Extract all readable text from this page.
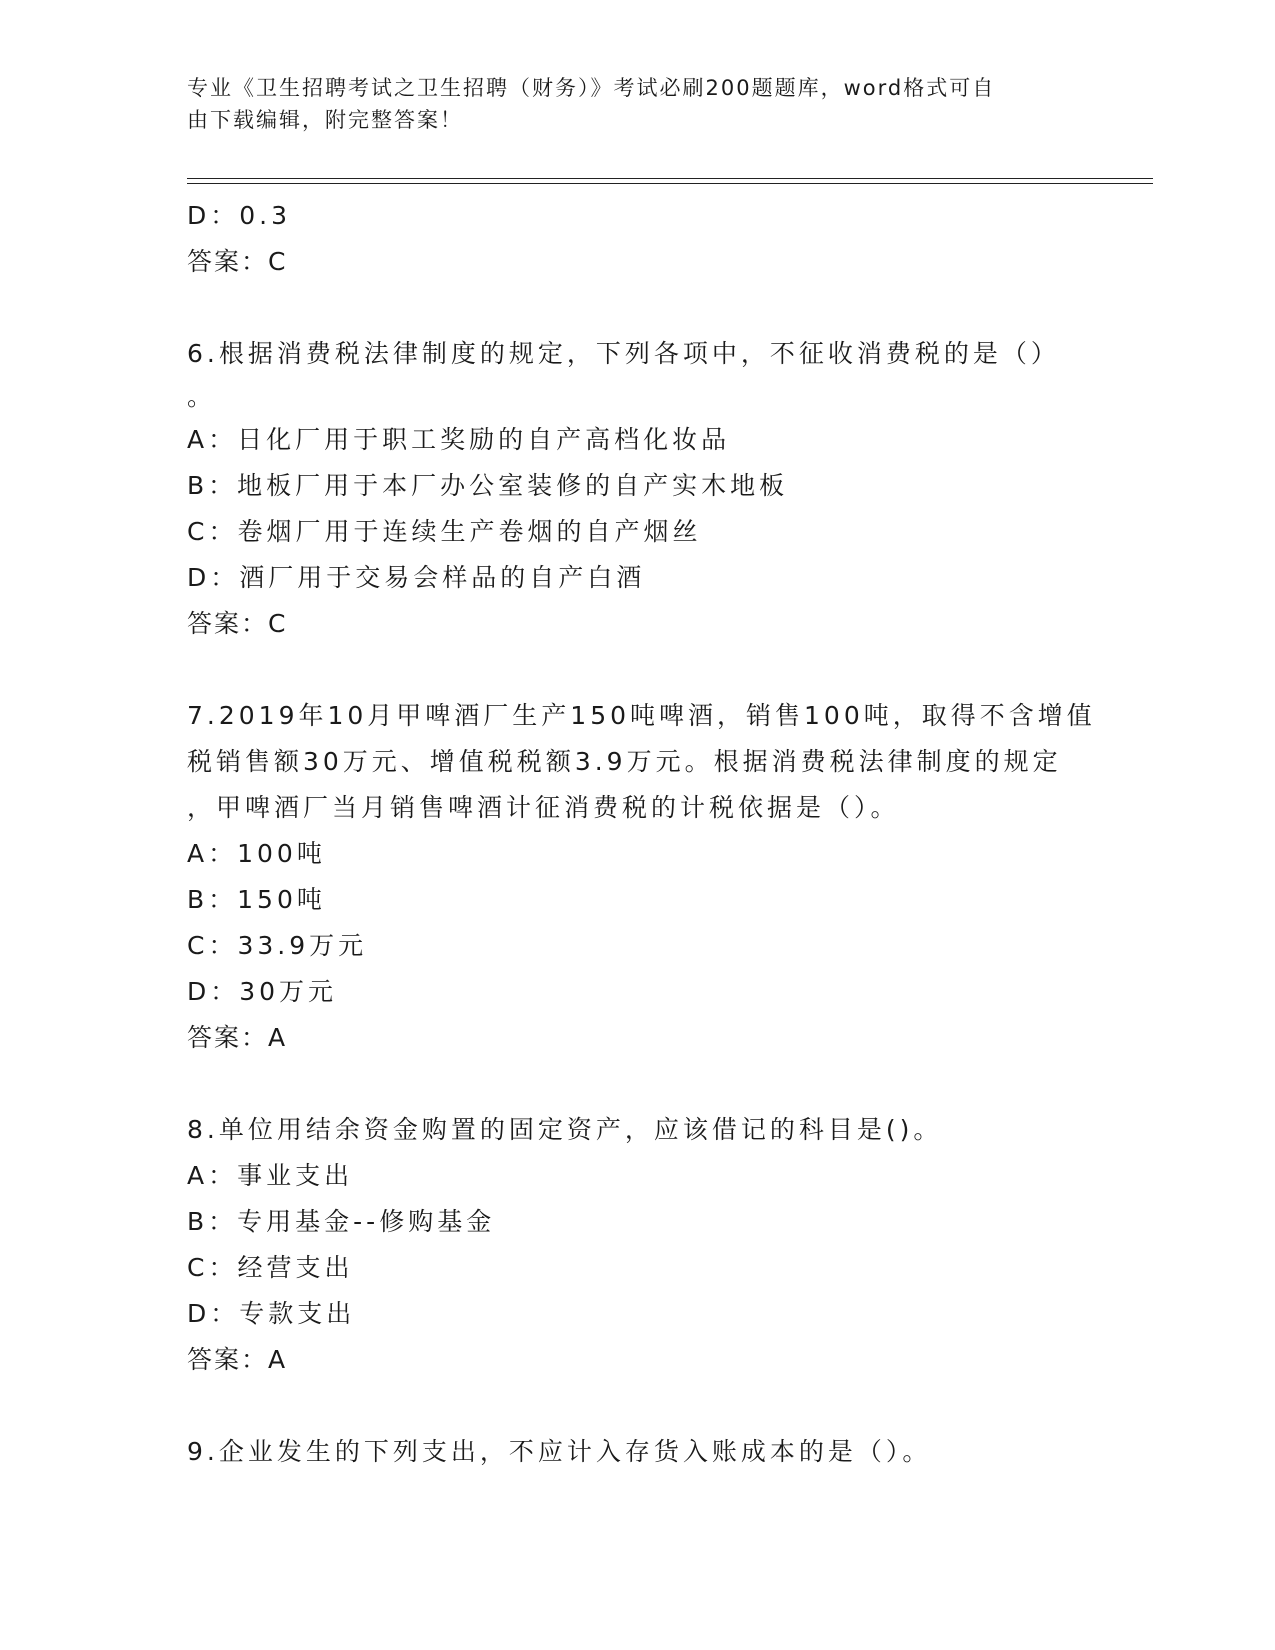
专业《卫生招聘考试之卫生招聘（财务）》考试必刷200题题库，word格式可自
由下载编辑，附完整答案！
D：0.3
答案：C
6.根据消费税法律制度的规定，下列各项中，不征收消费税的是（）
。
A：日化厂用于职工奖励的自产高档化妆品
B：地板厂用于本厂办公室装修的自产实木地板
C：卷烟厂用于连续生产卷烟的自产烟丝
D：酒厂用于交易会样品的自产白酒
答案：C
7.2019年10月甲啤酒厂生产150吨啤酒，销售100吨，取得不含增值
税销售额30万元、增值税税额3.9万元。根据消费税法律制度的规定
，甲啤酒厂当月销售啤酒计征消费税的计税依据是（）。
A：100吨
B：150吨
C：33.9万元
D：30万元
答案：A
8.单位用结余资金购置的固定资产，应该借记的科目是()。
A：事业支出
B：专用基金--修购基金
C：经营支出
D：专款支出
答案：A
9.企业发生的下列支出，不应计入存货入账成本的是（）。
